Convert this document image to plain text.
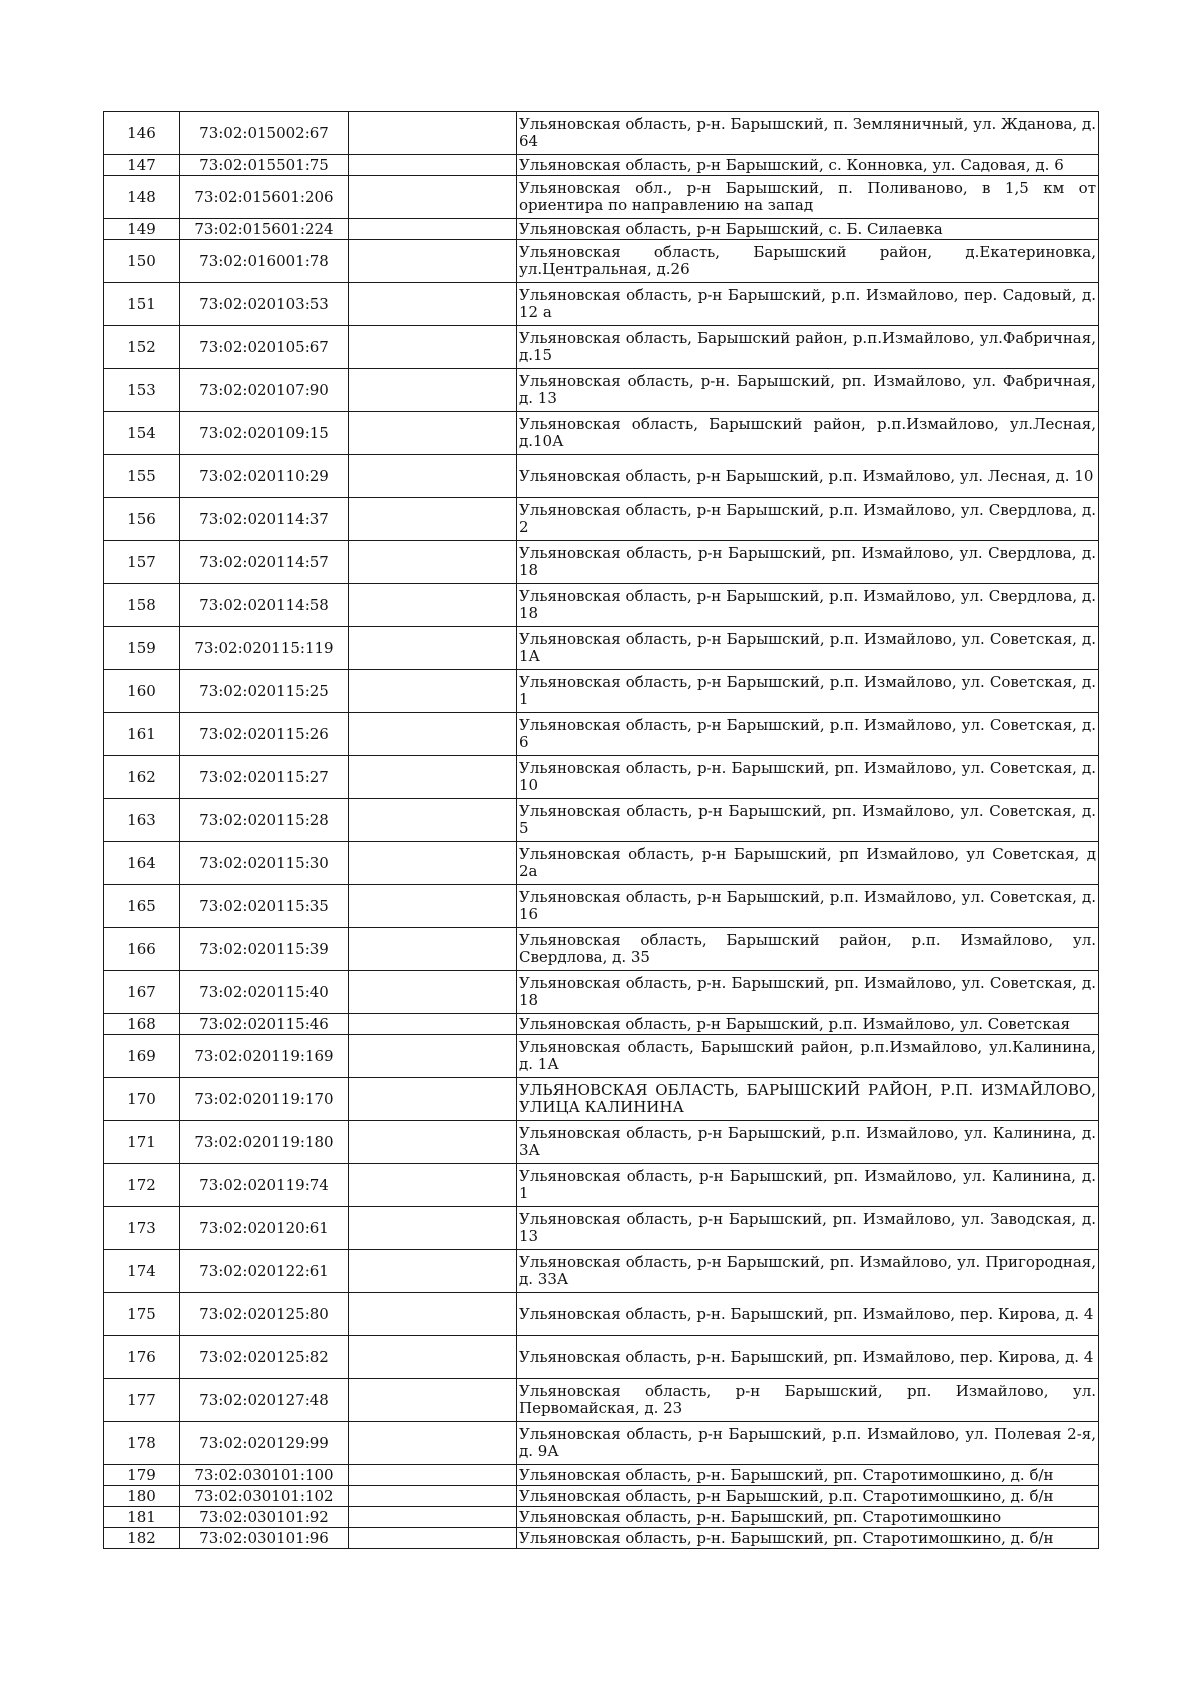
146	73:02:015002:67		Ульяновская область, р-н. Барышский, п. Земляничный, ул. Жданова, д. 64
147	73:02:015501:75		Ульяновская область, р-н Барышский, с. Конновка, ул. Садовая, д. 6
148	73:02:015601:206		Ульяновская обл., р-н Барышский, п. Поливаново, в 1,5 км от ориентира по направлению на запад
149	73:02:015601:224		Ульяновская область, р-н Барышский, с. Б. Силаевка
150	73:02:016001:78		Ульяновская область, Барышский район, д.Екатериновка, ул.Центральная, д.26
151	73:02:020103:53		Ульяновская область, р-н Барышский, р.п. Измайлово, пер. Садовый, д. 12 а
152	73:02:020105:67		Ульяновская область, Барышский район, р.п.Измайлово, ул.Фабричная, д.15
153	73:02:020107:90		Ульяновская область, р-н. Барышский, рп. Измайлово, ул. Фабричная, д. 13
154	73:02:020109:15		Ульяновская область, Барышский район, р.п.Измайлово, ул.Лесная, д.10А
155	73:02:020110:29		Ульяновская область, р-н Барышский, р.п. Измайлово, ул. Лесная, д. 10
156	73:02:020114:37		Ульяновская область, р-н Барышский, р.п. Измайлово, ул. Свердлова, д. 2
157	73:02:020114:57		Ульяновская область, р-н Барышский, рп. Измайлово, ул. Свердлова, д. 18
158	73:02:020114:58		Ульяновская область, р-н Барышский, р.п. Измайлово, ул. Свердлова, д. 18
159	73:02:020115:119		Ульяновская область, р-н Барышский, р.п. Измайлово, ул. Советская, д. 1А
160	73:02:020115:25		Ульяновская область, р-н Барышский, р.п. Измайлово, ул. Советская, д. 1
161	73:02:020115:26		Ульяновская область, р-н Барышский, р.п. Измайлово, ул. Советская, д. 6
162	73:02:020115:27		Ульяновская область, р-н. Барышский, рп. Измайлово, ул. Советская, д. 10
163	73:02:020115:28		Ульяновская область, р-н Барышский, рп. Измайлово, ул. Советская, д. 5
164	73:02:020115:30		Ульяновская область, р-н Барышский, рп Измайлово, ул Советская, д 2а
165	73:02:020115:35		Ульяновская область, р-н Барышский, р.п. Измайлово, ул. Советская, д. 16
166	73:02:020115:39		Ульяновская область, Барышский район, р.п. Измайлово, ул. Свердлова, д. 35
167	73:02:020115:40		Ульяновская область, р-н. Барышский, рп. Измайлово, ул. Советская, д. 18
168	73:02:020115:46		Ульяновская область, р-н Барышский, р.п. Измайлово, ул. Советская
169	73:02:020119:169		Ульяновская область, Барышский район, р.п.Измайлово, ул.Калинина, д. 1А
170	73:02:020119:170		УЛЬЯНОВСКАЯ ОБЛАСТЬ, БАРЫШСКИЙ РАЙОН, Р.П. ИЗМАЙЛОВО, УЛИЦА КАЛИНИНА
171	73:02:020119:180		Ульяновская область, р-н Барышский, р.п. Измайлово, ул. Калинина, д. 3А
172	73:02:020119:74		Ульяновская область, р-н Барышский, рп. Измайлово, ул. Калинина, д. 1
173	73:02:020120:61		Ульяновская область, р-н Барышский, рп. Измайлово, ул. Заводская, д. 13
174	73:02:020122:61		Ульяновская область, р-н Барышский, рп. Измайлово, ул. Пригородная, д. 33А
175	73:02:020125:80		Ульяновская область, р-н. Барышский, рп. Измайлово, пер. Кирова, д. 4
176	73:02:020125:82		Ульяновская область, р-н. Барышский, рп. Измайлово, пер. Кирова, д. 4
177	73:02:020127:48		Ульяновская область, р-н Барышский, рп. Измайлово, ул. Первомайская, д. 23
178	73:02:020129:99		Ульяновская область, р-н Барышский, р.п. Измайлово, ул. Полевая 2-я, д. 9А
179	73:02:030101:100		Ульяновская область, р-н. Барышский, рп. Старотимошкино, д. б/н
180	73:02:030101:102		Ульяновская область, р-н Барышский, р.п. Старотимошкино, д. б/н
181	73:02:030101:92		Ульяновская область, р-н. Барышский, рп. Старотимошкино
182	73:02:030101:96		Ульяновская область, р-н. Барышский, рп. Старотимошкино, д. б/н
